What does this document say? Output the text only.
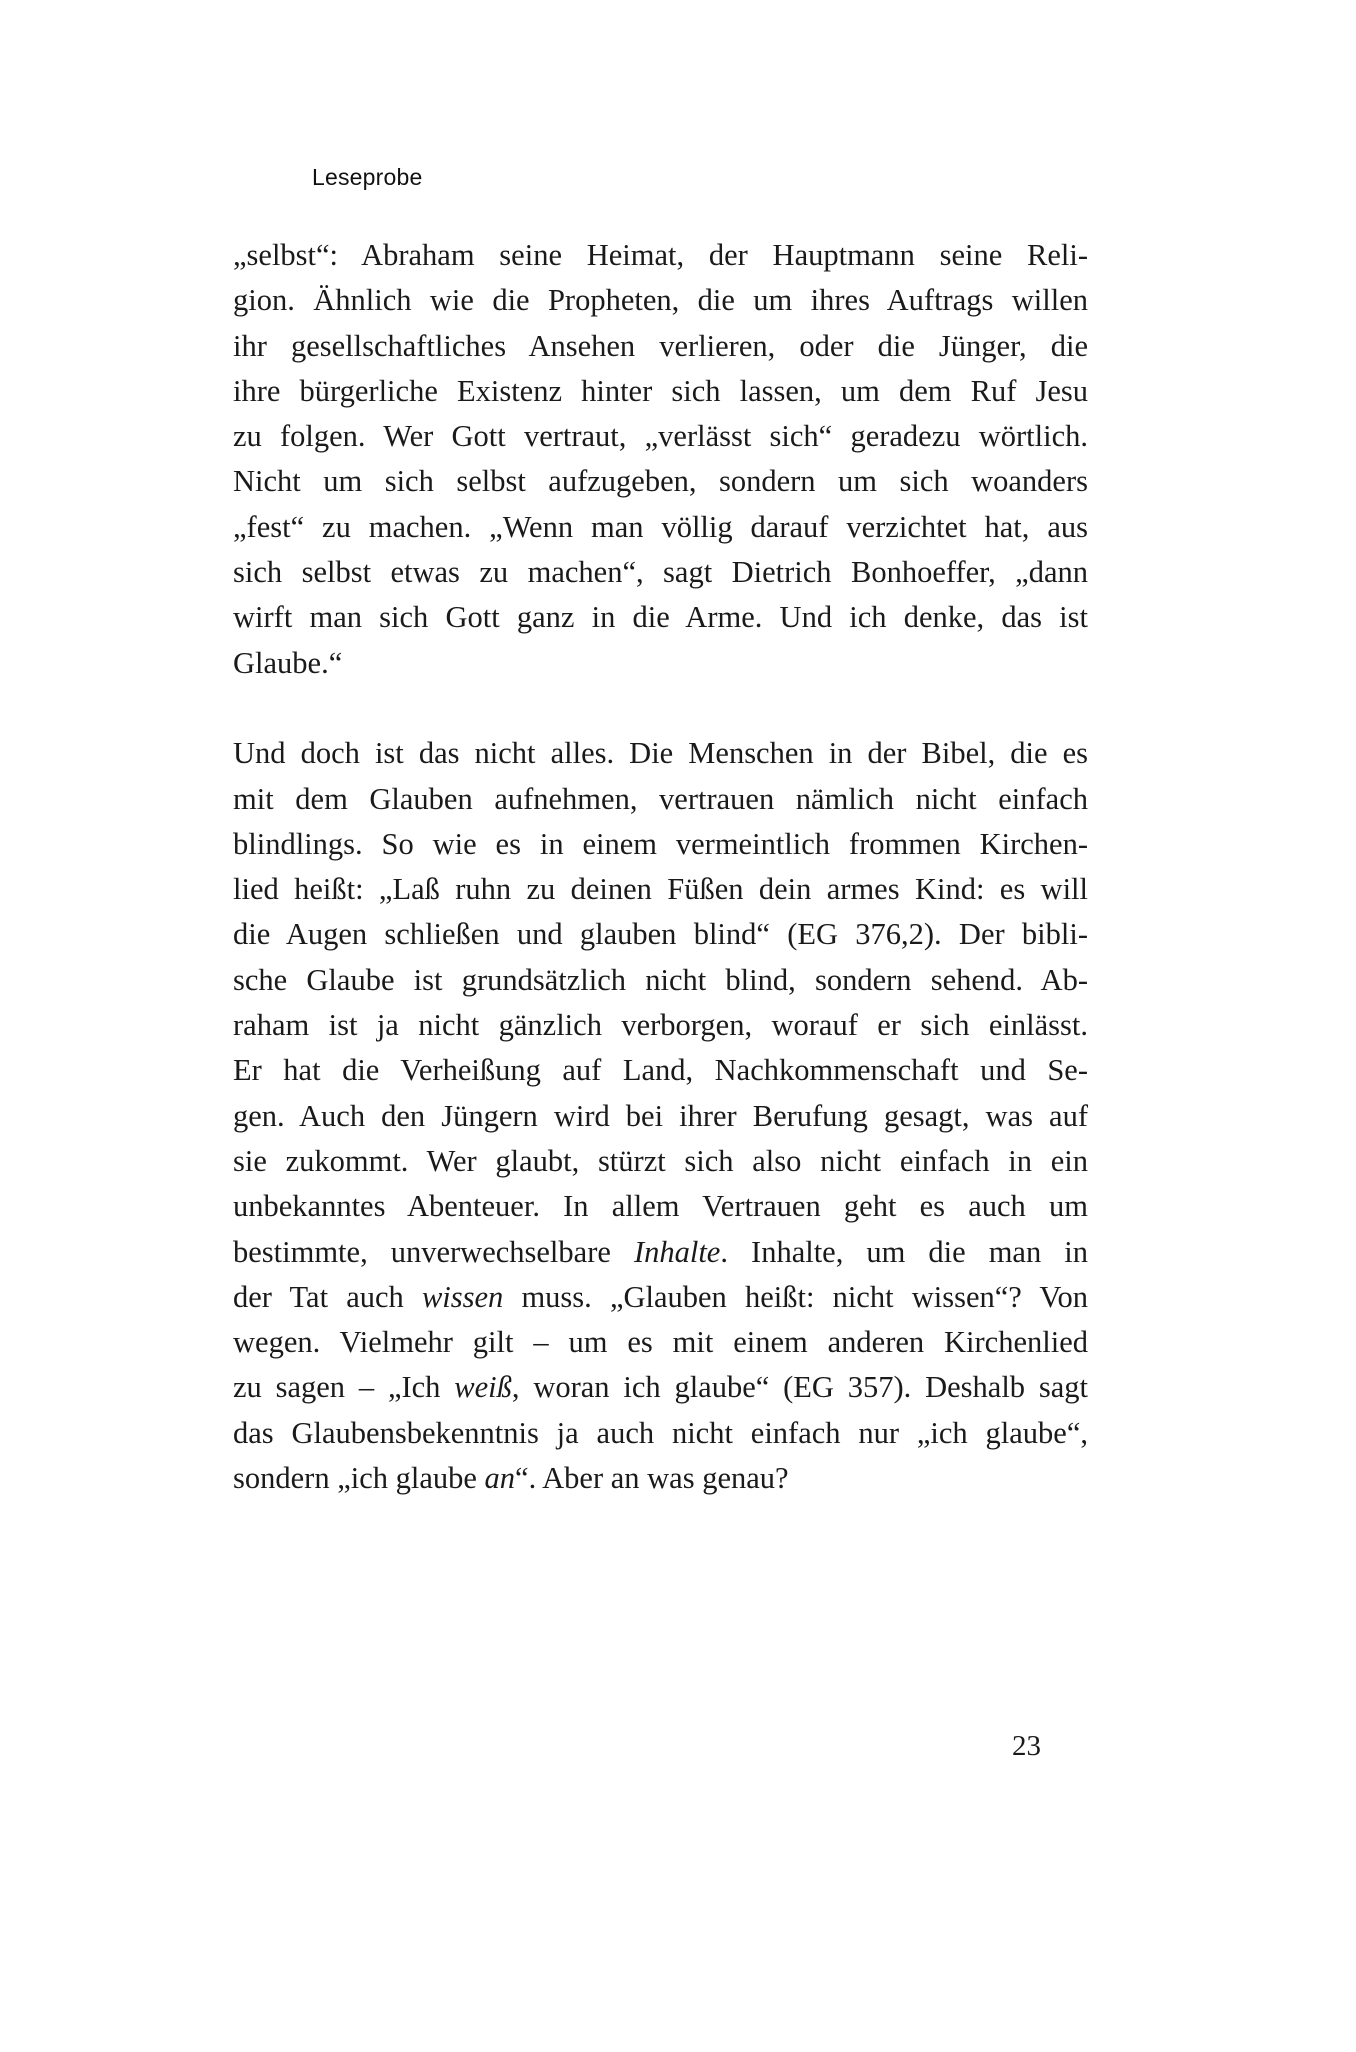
Leseprobe

„selbst“: Abraham seine Heimat, der Hauptmann seine Reli-
gion. Ähnlich wie die Propheten, die um ihres Auftrags willen
ihr gesellschaftliches Ansehen verlieren, oder die Jünger, die
ihre bürgerliche Existenz hinter sich lassen, um dem Ruf Jesu
zu folgen. Wer Gott vertraut, „verlässt sich“ geradezu wörtlich.
Nicht um sich selbst aufzugeben, sondern um sich woanders
„fest“ zu machen. „Wenn man völlig darauf verzichtet hat, aus
sich selbst etwas zu machen“, sagt Dietrich Bonhoeffer, „dann
wirft man sich Gott ganz in die Arme. Und ich denke, das ist
Glaube.“

Und doch ist das nicht alles. Die Menschen in der Bibel, die es
mit dem Glauben aufnehmen, vertrauen nämlich nicht einfach
blindlings. So wie es in einem vermeintlich frommen Kirchen-
lied heißt: „Laß ruhn zu deinen Füßen dein armes Kind: es will
die Augen schließen und glauben blind“ (EG 376,2). Der bibli-
sche Glaube ist grundsätzlich nicht blind, sondern sehend. Ab-
raham ist ja nicht gänzlich verborgen, worauf er sich einlässt.
Er hat die Verheißung auf Land, Nachkommenschaft und Se-
gen. Auch den Jüngern wird bei ihrer Berufung gesagt, was auf
sie zukommt. Wer glaubt, stürzt sich also nicht einfach in ein
unbekanntes Abenteuer. In allem Vertrauen geht es auch um
bestimmte, unverwechselbare Inhalte. Inhalte, um die man in
der Tat auch wissen muss. „Glauben heißt: nicht wissen“? Von
wegen. Vielmehr gilt – um es mit einem anderen Kirchenlied
zu sagen – „Ich weiß, woran ich glaube“ (EG 357). Deshalb sagt
das Glaubensbekenntnis ja auch nicht einfach nur „ich glaube“,
sondern „ich glaube an“. Aber an was genau?

23
